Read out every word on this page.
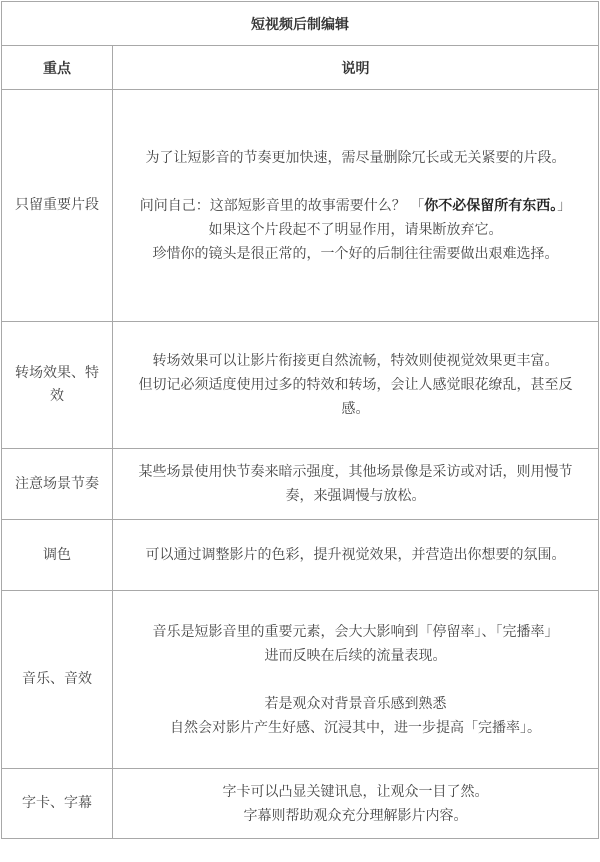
短视频后制编辑	
重点	说明
只留重要片段	为了让短影音的节奏更加快速，需尽量删除冗长或无关紧要的片段。

问问自己：这部短影音里的故事需要什么？ 「你不必保留所有东西。」

如果这个片段起不了明显作用，请果断放弃它。

珍惜你的镜头是很正常的，一个好的后制往往需要做出艰难选择。

转场效果、特效	转场效果可以让影片衔接更自然流畅，特效则使视觉效果更丰富。

但切记必须适度使用过多的特效和转场，会让人感觉眼花缭乱，甚至反感。

注意场景节奏	某些场景使用快节奏来暗示强度，其他场景像是采访或对话，则用慢节奏，来强调慢与放松。

调色	可以通过调整影片的色彩，提升视觉效果，并营造出你想要的氛围。

音乐、音效	音乐是短影音里的重要元素，会大大影响到「停留率」、「完播率」

进而反映在后续的流量表现。

若是观众对背景音乐感到熟悉

自然会对影片产生好感、沉浸其中，进一步提高「完播率」。

字卡、字幕	字卡可以凸显关键讯息，让观众一目了然。

字幕则帮助观众充分理解影片内容。
